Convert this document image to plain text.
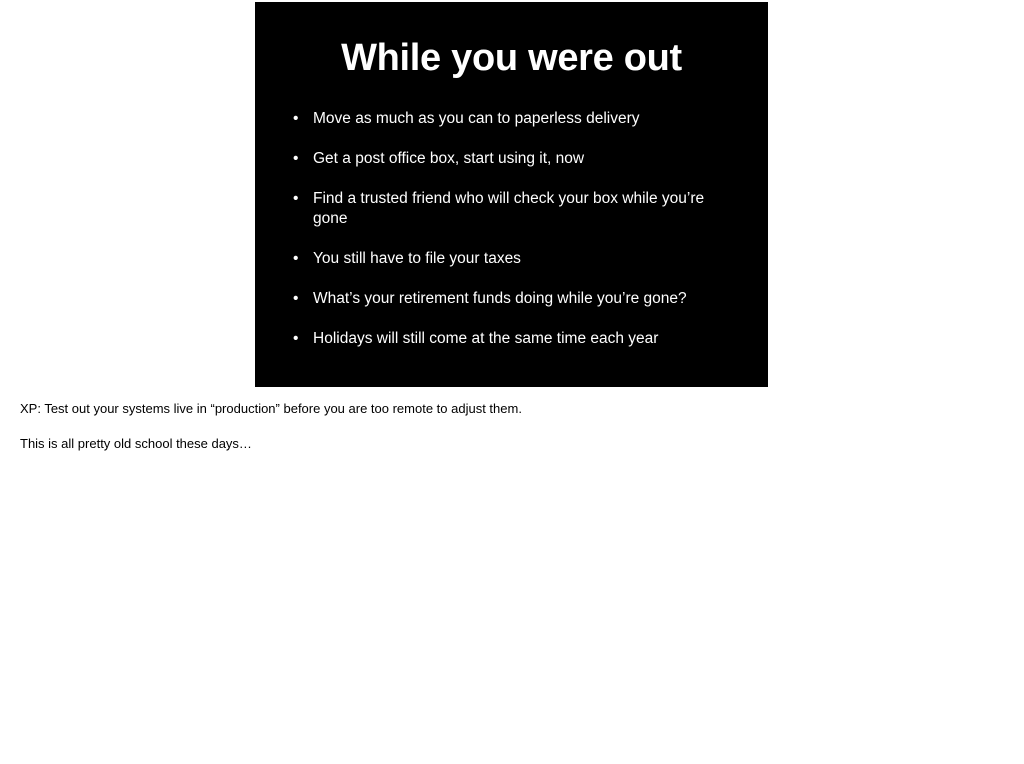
While you were out
• Move as much as you can to paperless delivery
• Get a post office box, start using it, now
• Find a trusted friend who will check your box while you’re gone
• You still have to file your taxes
• What’s your retirement funds doing while you’re gone?
• Holidays will still come at the same time each year

XP: Test out your systems live in “production” before you are too remote to adjust them.

This is all pretty old school these days…
